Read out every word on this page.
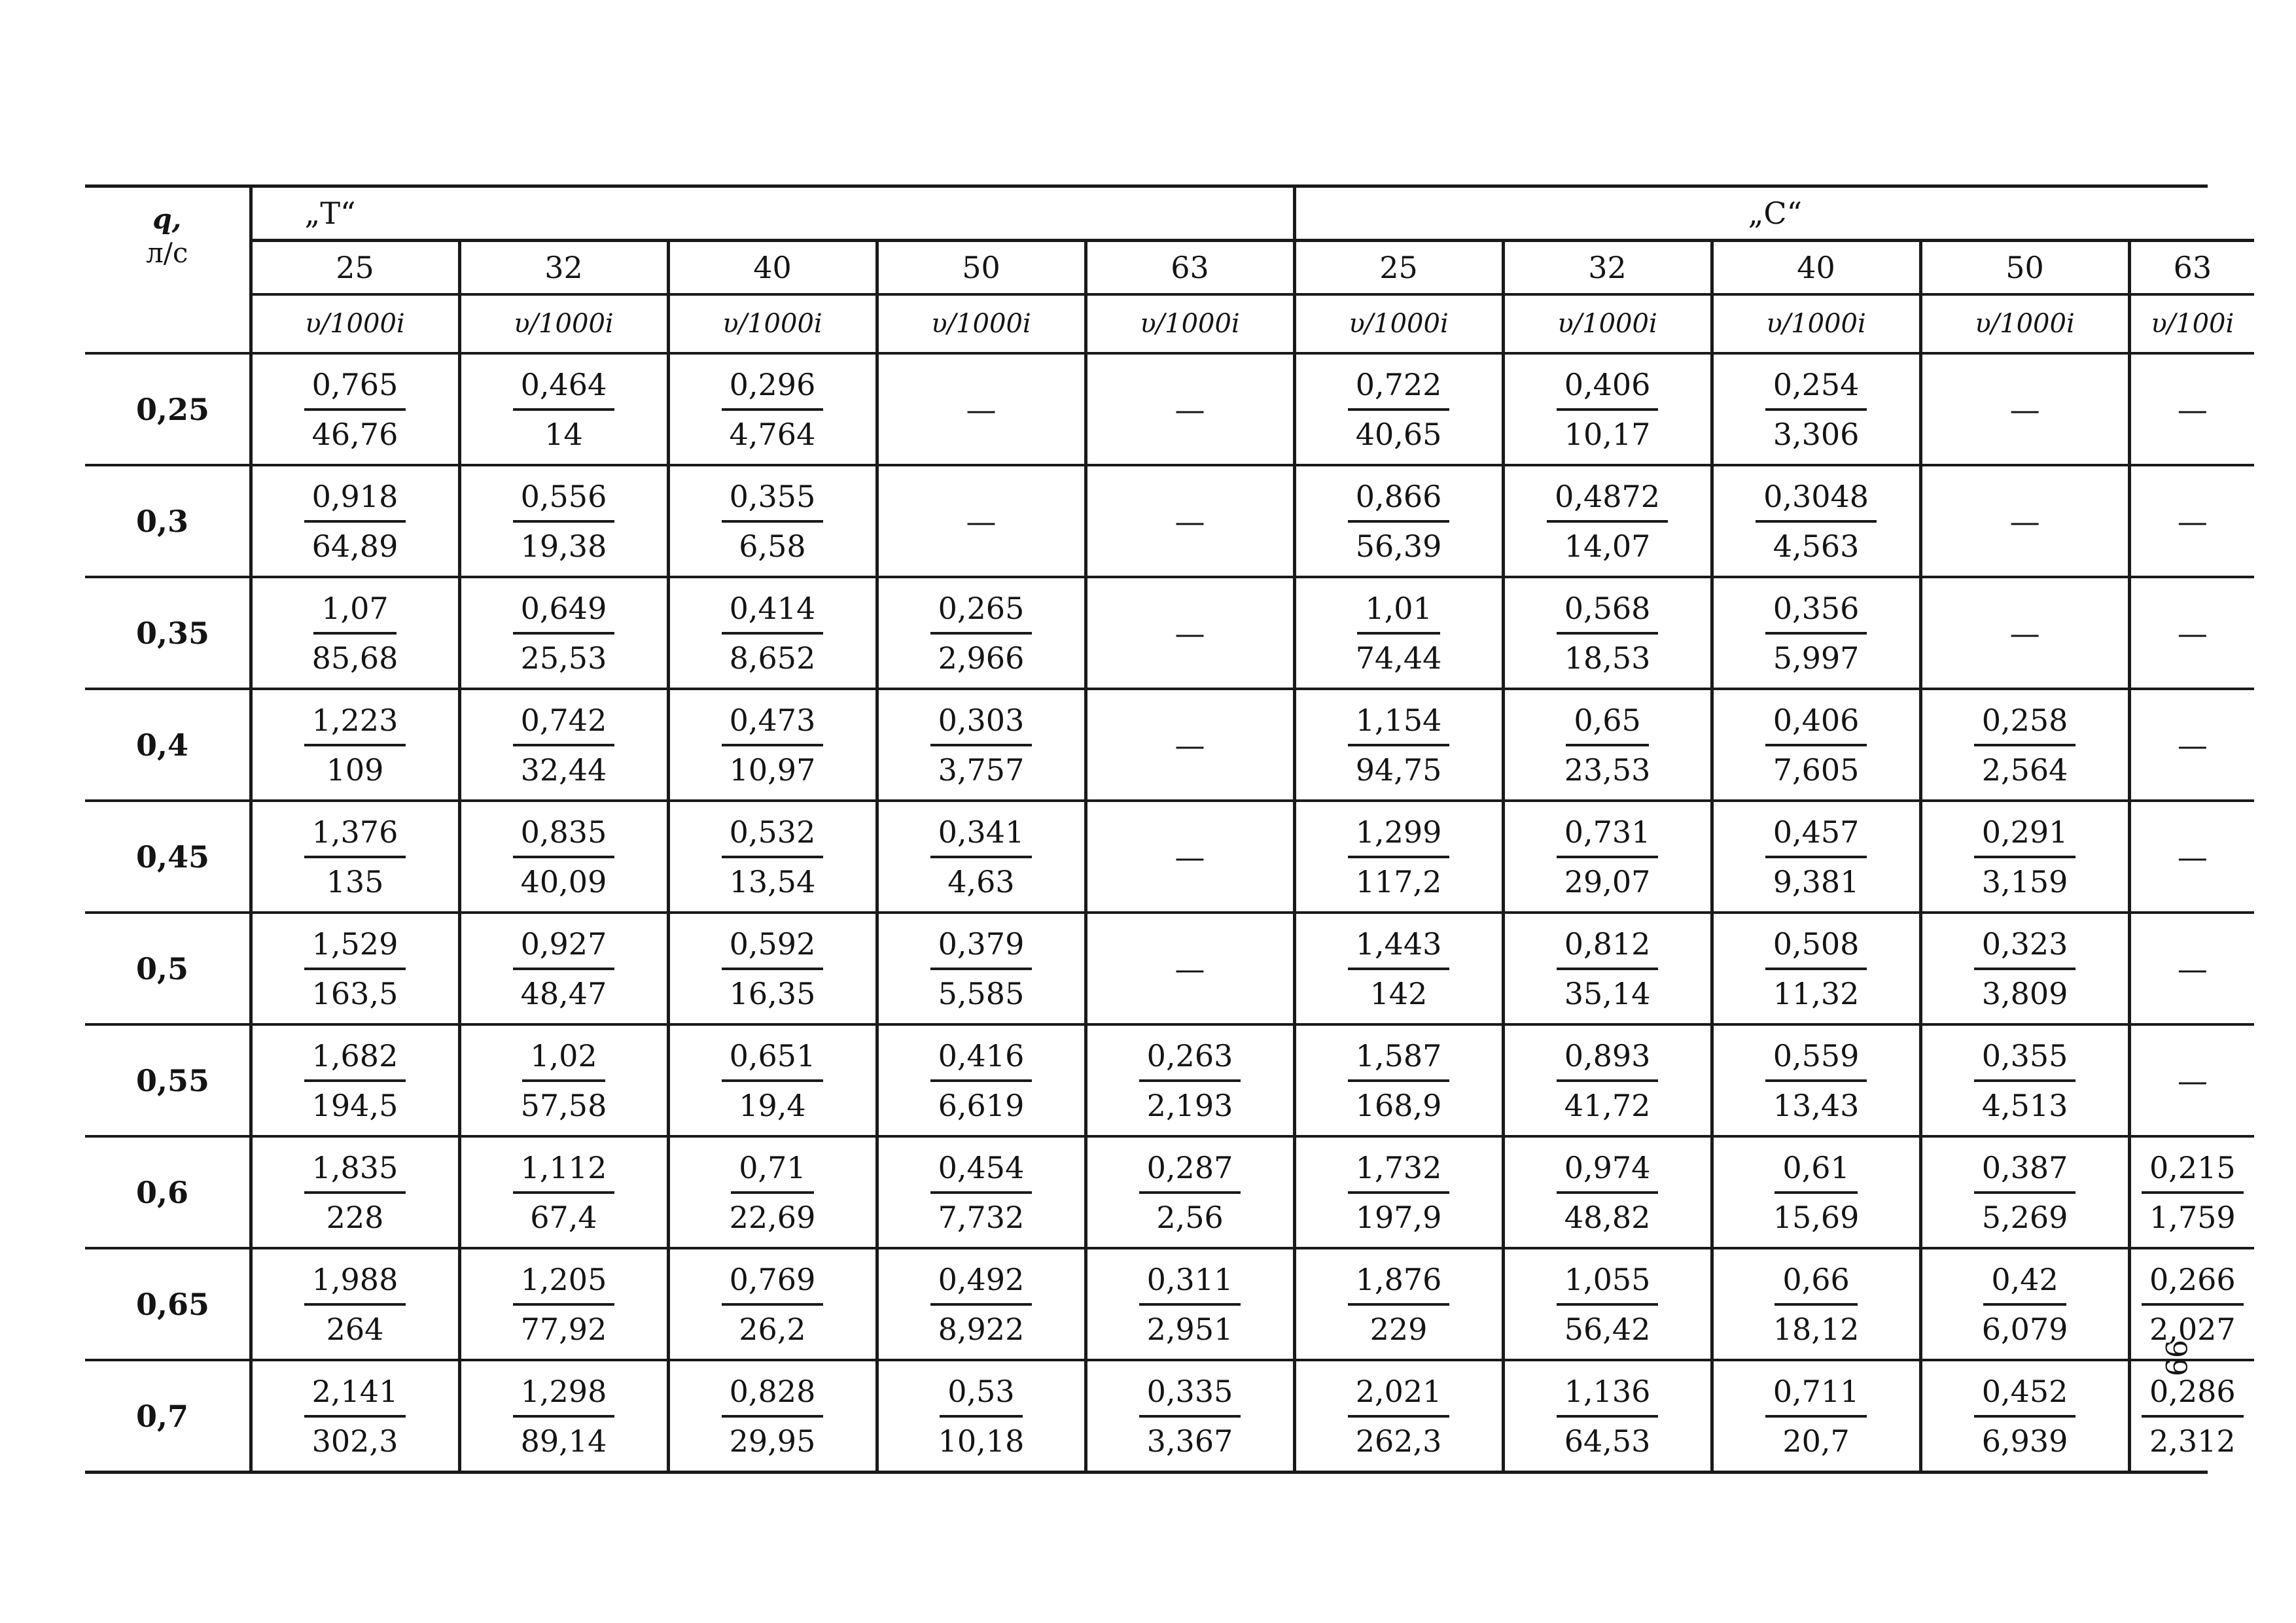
q,
л/с	„Т“					„С“				
	25	32	40	50	63	25	32	40	50	63
	υ/1000i	υ/1000i	υ/1000i	υ/1000i	υ/1000i	υ/1000i	υ/1000i	υ/1000i	υ/1000i	υ/100i
0,25	$\frac{0,765}{46,76}$	$\frac{0,464}{14}$	$\frac{0,296}{4,764}$	—	—	$\frac{0,722}{40,65}$	$\frac{0,406}{10,17}$	$\frac{0,254}{3,306}$	—	—
0,3	$\frac{0,918}{64,89}$	$\frac{0,556}{19,38}$	$\frac{0,355}{6,58}$	—	—	$\frac{0,866}{56,39}$	$\frac{0,4872}{14,07}$	$\frac{0,3048}{4,563}$	—	—
0,35	$\frac{1,07}{85,68}$	$\frac{0,649}{25,53}$	$\frac{0,414}{8,652}$	$\frac{0,265}{2,966}$	—	$\frac{1,01}{74,44}$	$\frac{0,568}{18,53}$	$\frac{0,356}{5,997}$	—	—
0,4	$\frac{1,223}{109}$	$\frac{0,742}{32,44}$	$\frac{0,473}{10,97}$	$\frac{0,303}{3,757}$	—	$\frac{1,154}{94,75}$	$\frac{0,65}{23,53}$	$\frac{0,406}{7,605}$	$\frac{0,258}{2,564}$	—
0,45	$\frac{1,376}{135}$	$\frac{0,835}{40,09}$	$\frac{0,532}{13,54}$	$\frac{0,341}{4,63}$	—	$\frac{1,299}{117,2}$	$\frac{0,731}{29,07}$	$\frac{0,457}{9,381}$	$\frac{0,291}{3,159}$	—
0,5	$\frac{1,529}{163,5}$	$\frac{0,927}{48,47}$	$\frac{0,592}{16,35}$	$\frac{0,379}{5,585}$	—	$\frac{1,443}{142}$	$\frac{0,812}{35,14}$	$\frac{0,508}{11,32}$	$\frac{0,323}{3,809}$	—
0,55	$\frac{1,682}{194,5}$	$\frac{1,02}{57,58}$	$\frac{0,651}{19,4}$	$\frac{0,416}{6,619}$	$\frac{0,263}{2,193}$	$\frac{1,587}{168,9}$	$\frac{0,893}{41,72}$	$\frac{0,559}{13,43}$	$\frac{0,355}{4,513}$	—
0,6	$\frac{1,835}{228}$	$\frac{1,112}{67,4}$	$\frac{0,71}{22,69}$	$\frac{0,454}{7,732}$	$\frac{0,287}{2,56}$	$\frac{1,732}{197,9}$	$\frac{0,974}{48,82}$	$\frac{0,61}{15,69}$	$\frac{0,387}{5,269}$	$\frac{0,215}{1,759}$

0,65	$\frac{1,988}{264}$	$\frac{1,205}{77,92}$	$\frac{0,769}{26,2}$	$\frac{0,492}{8,922}$	$\frac{0,311}{2,951}$	$\frac{1,876}{229}$	$\frac{1,055}{56,42}$	$\frac{0,66}{18,12}$	$\frac{0,42}{6,079}$	$\frac{0,266}{2,027}$

0,7	$\frac{2,141}{302,3}$	$\frac{1,298}{89,14}$	$\frac{0,828}{29,95}$	$\frac{0,53}{10,18}$	$\frac{0,335}{3,367}$	$\frac{2,021}{262,3}$	$\frac{1,136}{64,53}$	$\frac{0,711}{20,7}$	$\frac{0,452}{6,939}$	$\frac{0,286}{2,312}$
99
